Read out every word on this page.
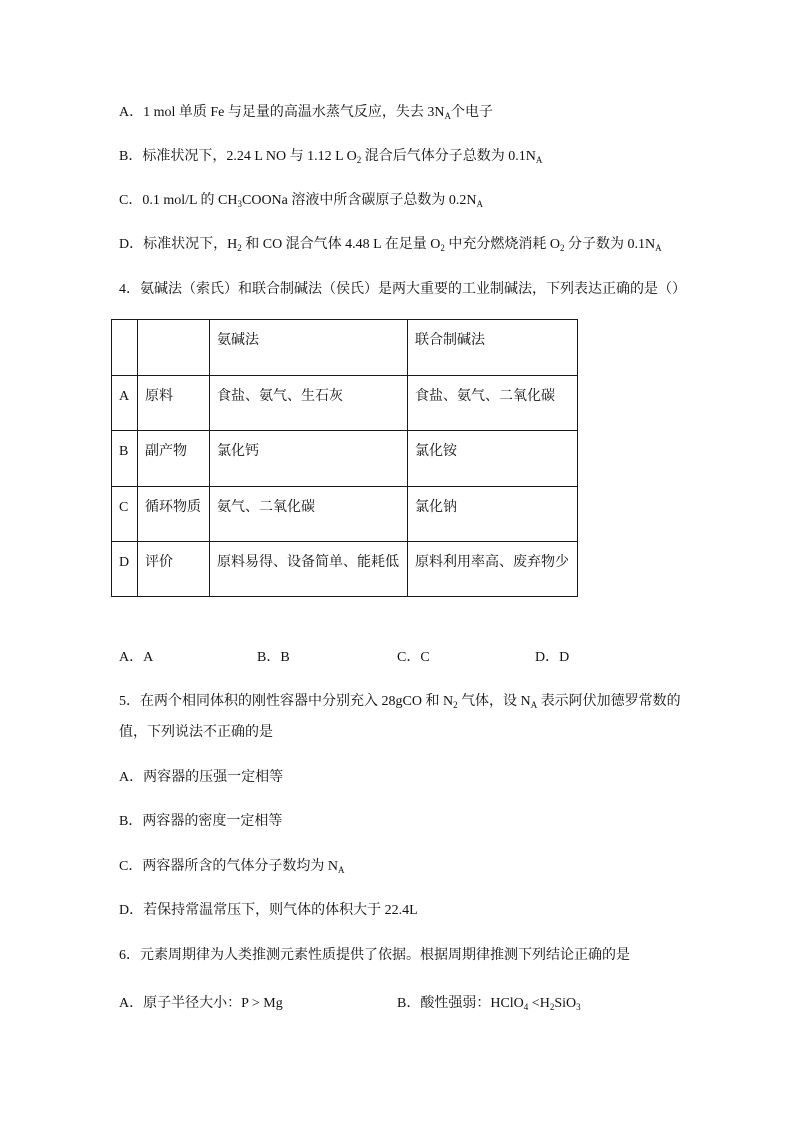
A．1 mol 单质 Fe 与足量的高温水蒸气反应，失去 $3N_A$个电子
B．标准状况下，2.24 L NO 与 1.12 L $O_2$ 混合后气体分子总数为 $0.1N_A$
C．0.1 mol/L 的 $CH_3COONa$ 溶液中所含碳原子总数为 $0.2N_A$
D．标准状况下，$H_2$ 和 CO 混合气体 4.48 L 在足量 $O_2$ 中充分燃烧消耗 $O_2$ 分子数为 $0.1N_A$
4．氨碱法（索氏）和联合制碱法（侯氏）是两大重要的工业制碱法，下列表达正确的是（）
		氨碱法	联合制碱法
A	原料	食盐、氨气、生石灰	食盐、氨气、二氧化碳
B	副产物	氯化钙	氯化铵
C	循环物质	氨气、二氧化碳	氯化钠
D	评价	原料易得、设备简单、能耗低	原料利用率高、废弃物少
A．A	B．B	C．C	D．D
5．在两个相同体积的刚性容器中分别充入 28gCO 和 $N_2$ 气体，设 $N_A$ 表示阿伏加德罗常数的
值，下列说法不正确的是
A．两容器的压强一定相等
B．两容器的密度一定相等
C．两容器所含的气体分子数均为 $N_A$
D．若保持常温常压下，则气体的体积大于 22.4L
6．元素周期律为人类推测元素性质提供了依据。根据周期律推测下列结论正确的是
A．原子半径大小：P > Mg	B．酸性强弱：HClO$_4$ $<H_2SiO_3$
